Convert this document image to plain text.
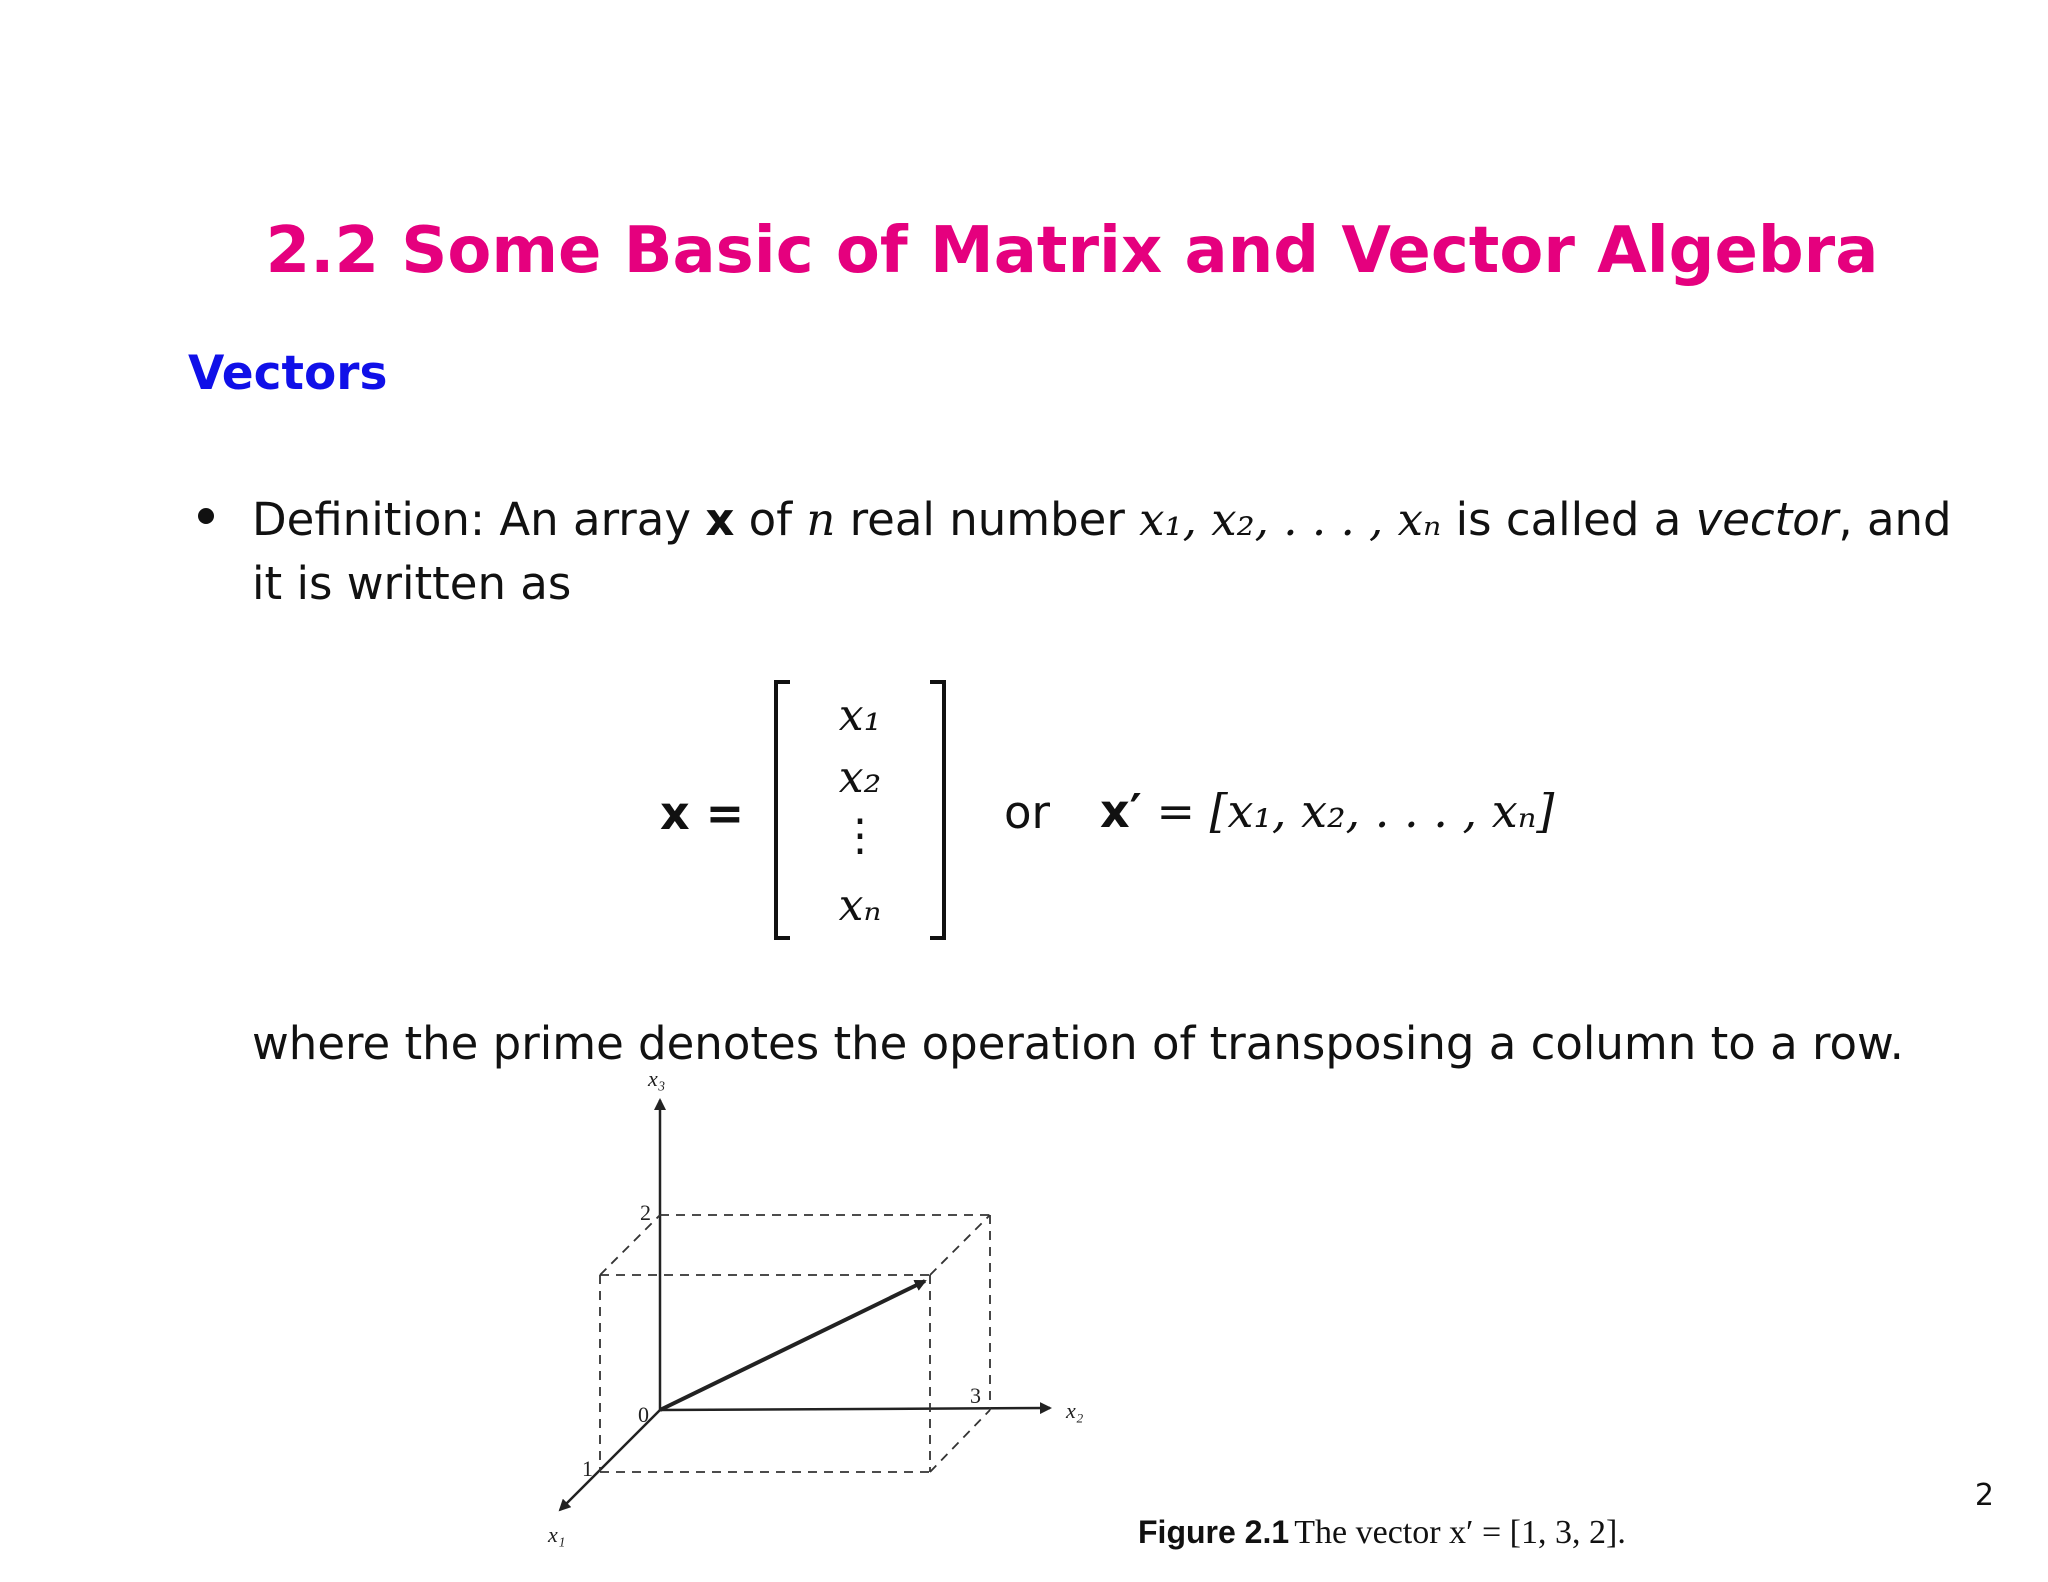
2.2 Some Basic of Matrix and Vector Algebra
Vectors
Definition: An array x of n real number x₁, x₂, . . . , xₙ is called a vector, and
it is written as
x =
x₁
x₂
⋮
xₙ
or x′ = [x₁, x₂, . . . , xₙ]
where the prime denotes the operation of transposing a column to a row.
x₃
x₂
x₁
0
2
3
1
Figure 2.1 The vector x′ = [1, 3, 2].
2
